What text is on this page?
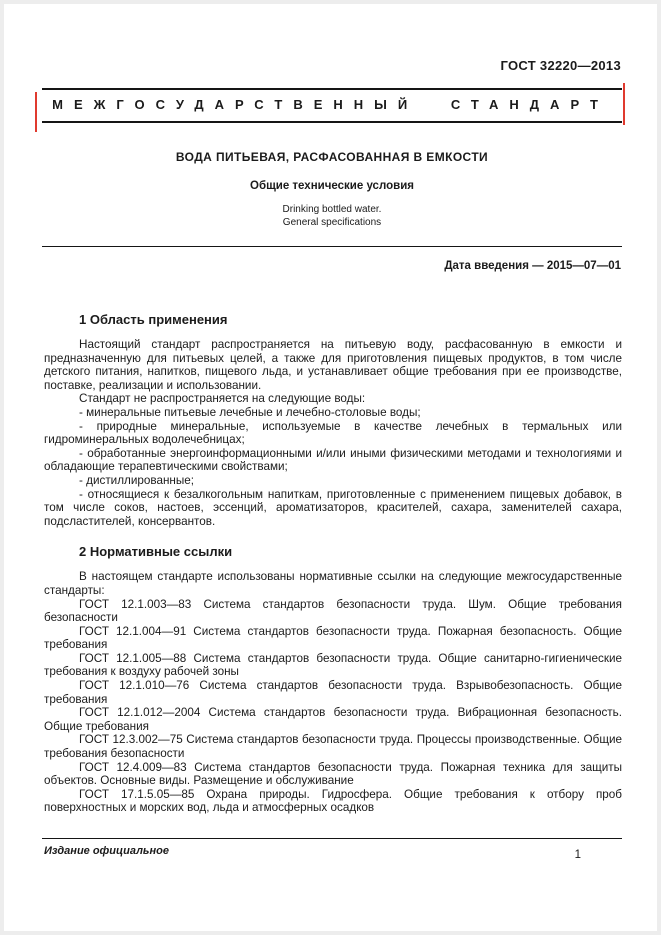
ГОСТ 32220—2013
МЕЖГОСУДАРСТВЕННЫЙ СТАНДАРТ
ВОДА ПИТЬЕВАЯ, РАСФАСОВАННАЯ В ЕМКОСТИ
Общие технические условия
Drinking bottled water.
General specifications
Дата введения — 2015—07—01
1 Область применения

Настоящий стандарт распространяется на питьевую воду, расфасованную в емкости и предназначенную для питьевых целей, а также для приготовления пищевых продуктов, в том числе детского питания, напитков, пищевого льда, и устанавливает общие требования при ее производстве, поставке, реализации и использовании.

Стандарт не распространяется на следующие воды:

- минеральные питьевые лечебные и лечебно-столовые воды;

- природные минеральные, используемые в качестве лечебных в термальных или гидроминеральных водолечебницах;

- обработанные энергоинформационными и/или иными физическими методами и технологиями и обладающие терапевтическими свойствами;

- дистиллированные;

- относящиеся к безалкогольным напиткам, приготовленные с применением пищевых добавок, в том числе соков, настоев, эссенций, ароматизаторов, красителей, сахара, заменителей сахара, подсластителей, консервантов.

2 Нормативные ссылки

В настоящем стандарте использованы нормативные ссылки на следующие межгосударственные стандарты:

ГОСТ 12.1.003—83 Система стандартов безопасности труда. Шум. Общие требования безопасности

ГОСТ 12.1.004—91 Система стандартов безопасности труда. Пожарная безопасность. Общие требования

ГОСТ 12.1.005—88 Система стандартов безопасности труда. Общие санитарно-гигиенические требования к воздуху рабочей зоны

ГОСТ 12.1.010—76 Система стандартов безопасности труда. Взрывобезопасность. Общие требования

ГОСТ 12.1.012—2004 Система стандартов безопасности труда. Вибрационная безопасность. Общие требования

ГОСТ 12.3.002—75 Система стандартов безопасности труда. Процессы производственные. Общие требования безопасности

ГОСТ 12.4.009—83 Система стандартов безопасности труда. Пожарная техника для защиты объектов. Основные виды. Размещение и обслуживание

ГОСТ 17.1.5.05—85 Охрана природы. Гидросфера. Общие требования к отбору проб поверхностных и морских вод, льда и атмосферных осадков

Издание официальное	1
